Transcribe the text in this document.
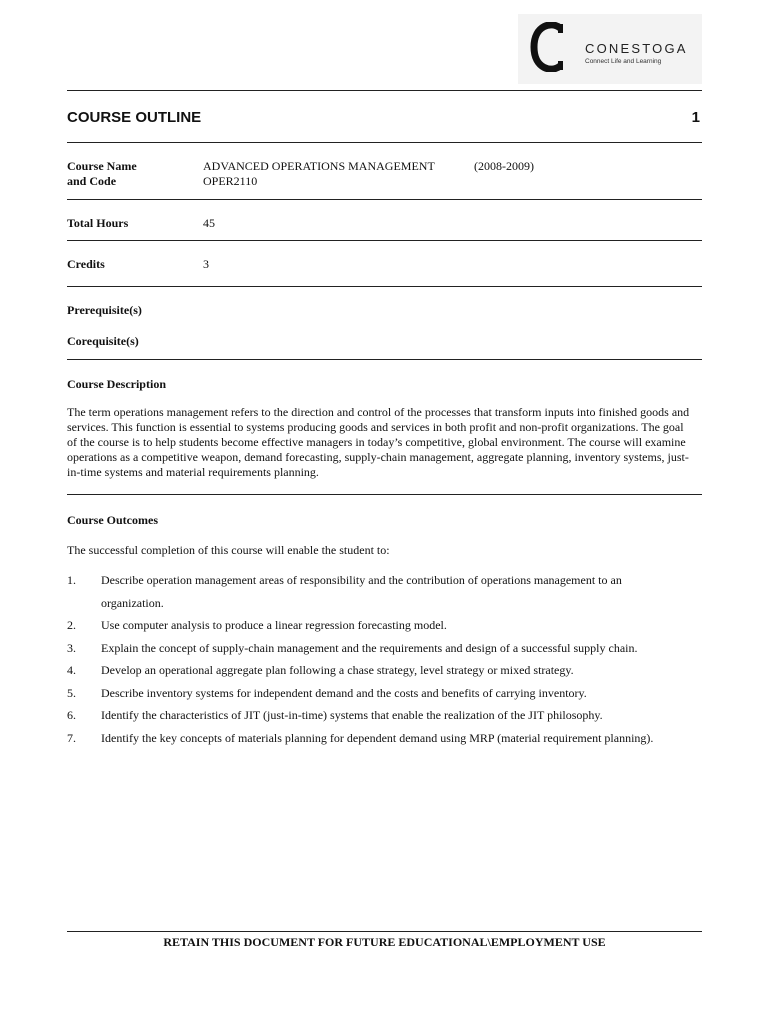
CONESTOGA
Connect Life and Learning
COURSE OUTLINE	1
Course Name
and Code
ADVANCED OPERATIONS MANAGEMENT	(2008-2009)
OPER2110
Total Hours	45
Credits	3
Prerequisite(s)
Corequisite(s)
Course Description
The term operations management refers to the direction and control of the processes that transform inputs into finished goods and
services. This function is essential to systems producing goods and services in both profit and non-profit organizations. The goal
of the course is to help students become effective managers in today’s competitive, global environment. The course will examine
operations as a competitive weapon, demand forecasting, supply-chain management, aggregate planning, inventory systems, just-
in-time systems and material requirements planning.
Course Outcomes
The successful completion of this course will enable the student to:
1. Describe operation management areas of responsibility and the contribution of operations management to an
organization.
2. Use computer analysis to produce a linear regression forecasting model.
3. Explain the concept of supply-chain management and the requirements and design of a successful supply chain.
4. Develop an operational aggregate plan following a chase strategy, level strategy or mixed strategy.
5. Describe inventory systems for independent demand and the costs and benefits of carrying inventory.
6. Identify the characteristics of JIT (just-in-time) systems that enable the realization of the JIT philosophy.
7. Identify the key concepts of materials planning for dependent demand using MRP (material requirement planning).
RETAIN THIS DOCUMENT FOR FUTURE EDUCATIONAL\EMPLOYMENT USE
